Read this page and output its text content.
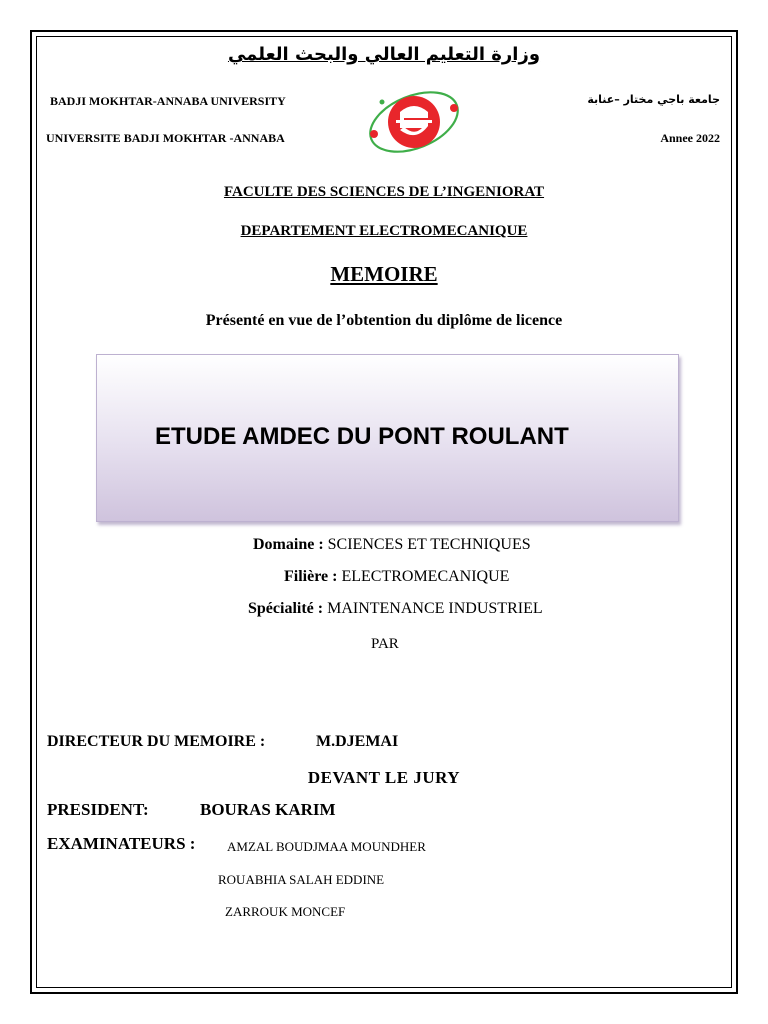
وزارة التعليم العالي والبحث العلمي
BADJI MOKHTAR-ANNABA UNIVERSITY
UNIVERSITE BADJI MOKHTAR -ANNABA
جامعة باجي مختار –عنابة
Annee 2022
FACULTE DES SCIENCES DE L’INGENIORAT
DEPARTEMENT ELECTROMECANIQUE
MEMOIRE
Présenté en vue de l’obtention du diplôme de licence
ETUDE AMDEC DU PONT ROULANT
Domaine : SCIENCES ET TECHNIQUES
Filière : ELECTROMECANIQUE
Spécialité : MAINTENANCE INDUSTRIEL
PAR
DIRECTEUR DU MEMOIRE :	M.DJEMAI
DEVANT LE JURY
PRESIDENT:	BOURAS KARIM
EXAMINATEURS : AMZAL BOUDJMAA MOUNDHER
ROUABHIA SALAH EDDINE
ZARROUK MONCEF
